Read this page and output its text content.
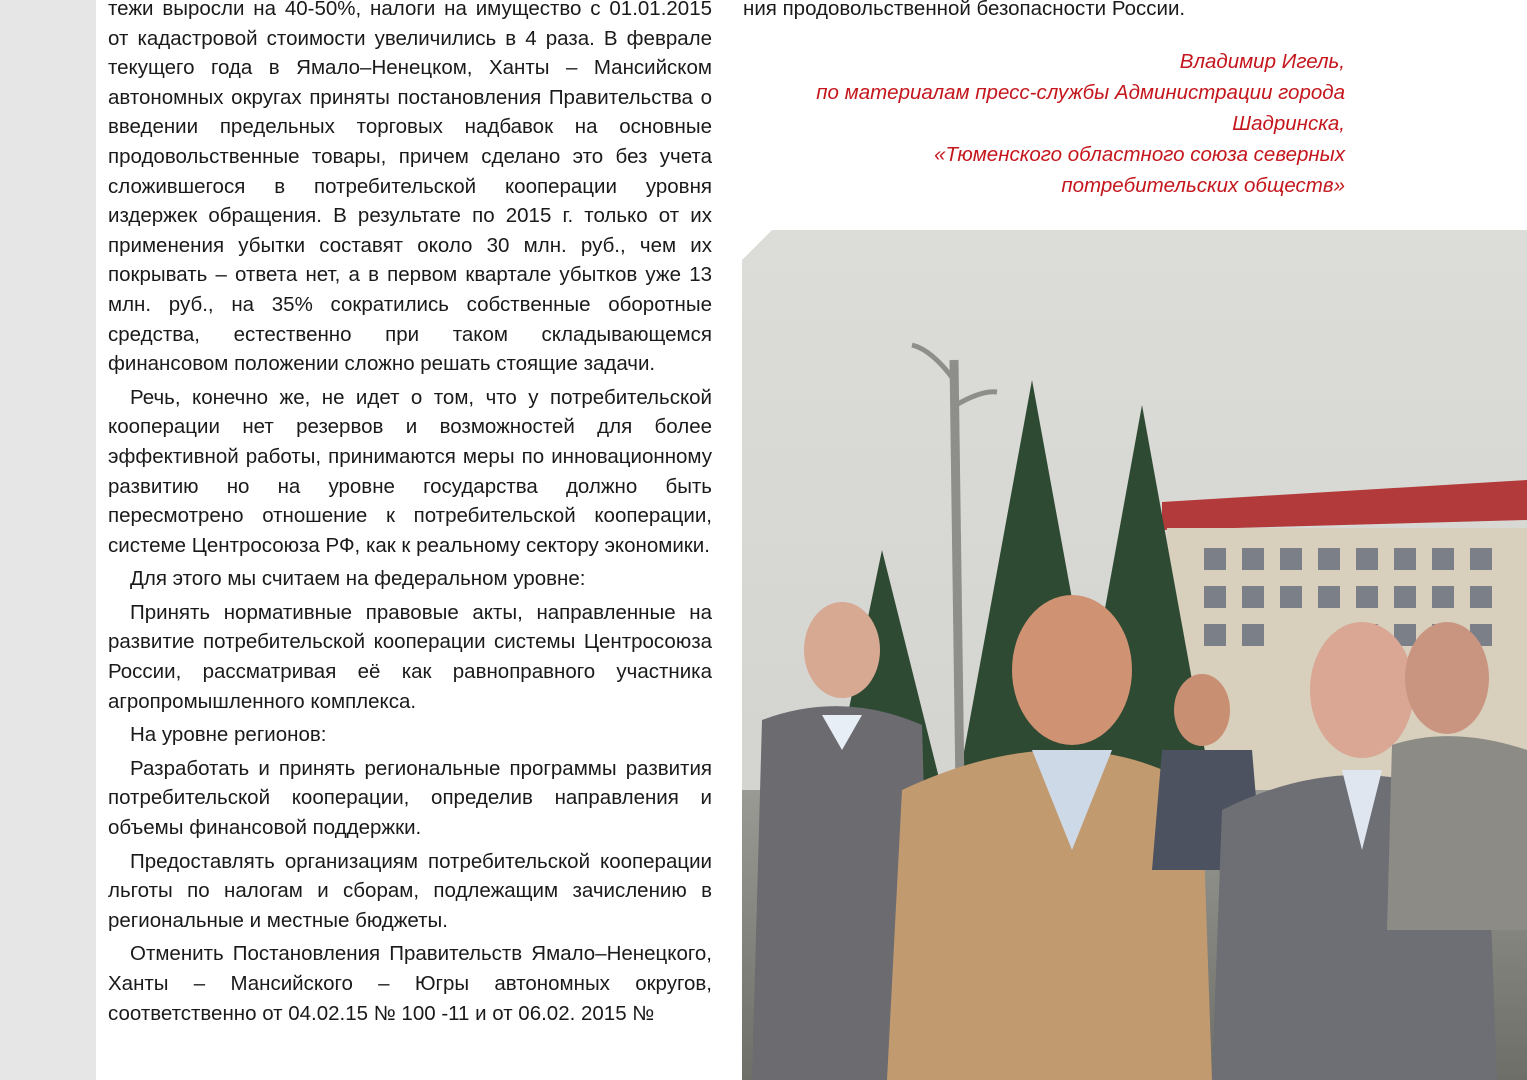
тежи выросли на 40-50%, налоги на имущество с 01.01.2015 от кадастровой стоимости увеличились в 4 раза. В феврале текущего года в Ямало–Ненецком, Ханты – Мансийском автономных округах приняты постановления Правительства о введении предельных торговых надбавок на основные продовольственные товары, причем сделано это без учета сложившегося в потребительской кооперации уровня издержек обращения. В результате по 2015 г. только от их применения убытки составят около 30 млн. руб., чем их покрывать – ответа нет, а в первом квартале убытков уже 13 млн. руб., на 35% сократились собственные оборотные средства, естественно при таком складывающемся финансовом положении сложно решать стоящие задачи.

Речь, конечно же, не идет о том, что у потребительской кооперации нет резервов и возможностей для более эффективной работы, принимаются меры по инновационному развитию но на уровне государства должно быть пересмотрено отношение к потребительской кооперации, системе Центросоюза РФ, как к реальному сектору экономики.

Для этого мы считаем на федеральном уровне:

Принять нормативные правовые акты, направленные на развитие потребительской кооперации системы Центросоюза России, рассматривая её как равноправного участника агропромышленного комплекса.

На уровне регионов:

Разработать и принять региональные программы развития потребительской кооперации, определив направления и объемы финансовой поддержки.

Предоставлять организациям потребительской кооперации льготы по налогам и сборам, подлежащим зачислению в региональные и местные бюджеты.

Отменить Постановления Правительств Ямало–Ненецкого, Ханты – Мансийского – Югры автономных округов, соответственно от 04.02.15 № 100 -11 и от 06.02. 2015 №

ния продовольственной безопасности России.
Владимир Игель,
по материалам пресс-службы Администрации города
Шадринска,
«Тюменского областного союза северных
потребительских обществ»
